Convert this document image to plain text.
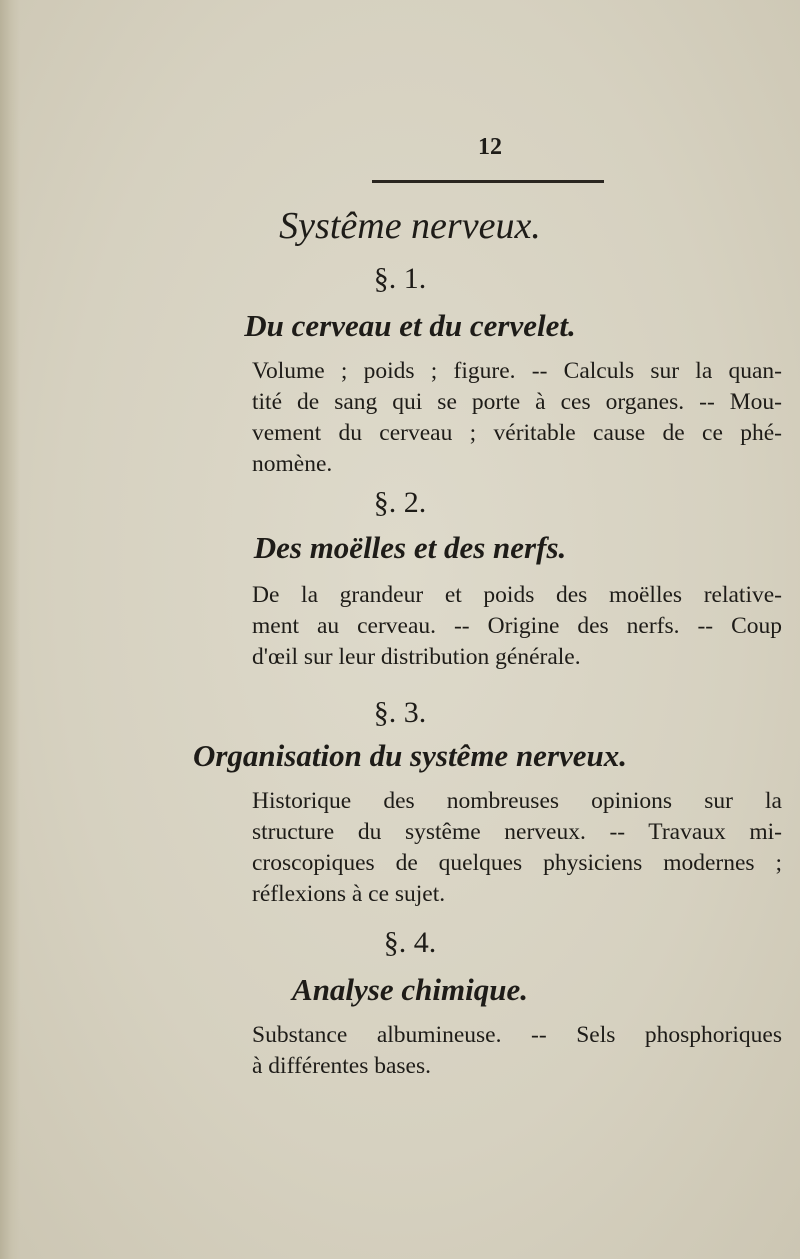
12
Systême nerveux.
§. 1.
Du cerveau et du cervelet.
Volume ; poids ; figure. -- Calculs sur la quan-
tité de sang qui se porte à ces organes. -- Mou-
vement du cerveau ; véritable cause de ce phé-
nomène.
§. 2.
Des moëlles et des nerfs.
De la grandeur et poids des moëlles relative-
ment au cerveau. -- Origine des nerfs. -- Coup
d'œil sur leur distribution générale.
§. 3.
Organisation du systême nerveux.
Historique des nombreuses opinions sur la
structure du systême nerveux. -- Travaux mi-
croscopiques de quelques physiciens modernes ;
réflexions à ce sujet.
§. 4.
Analyse chimique.
Substance albumineuse. -- Sels phosphoriques
à différentes bases.
